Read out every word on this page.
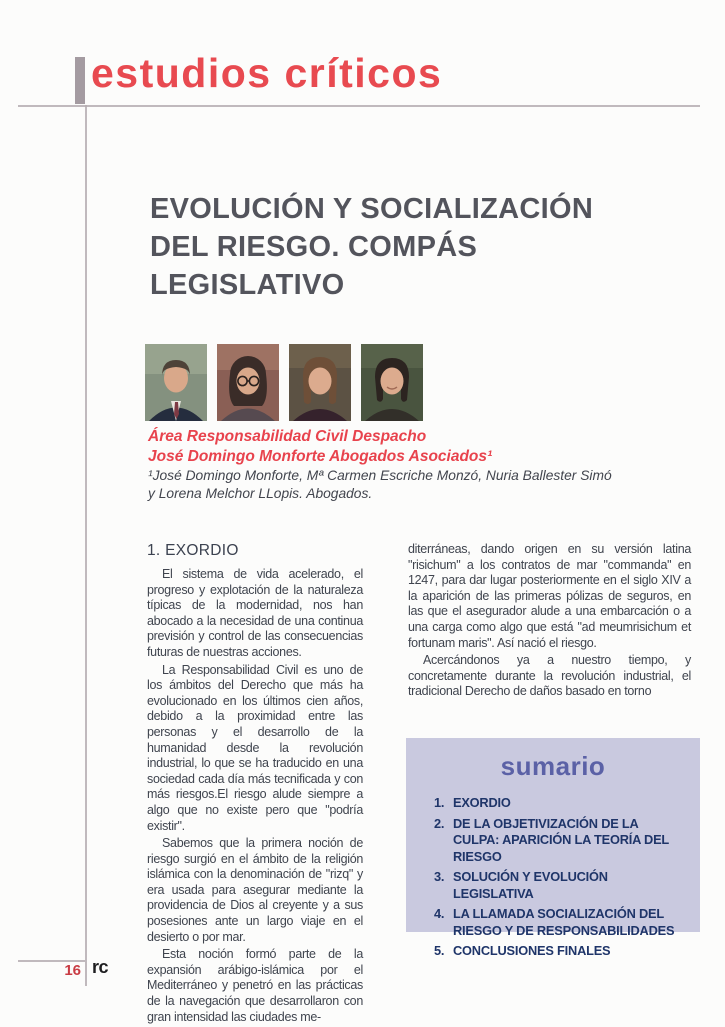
estudios críticos
EVOLUCIÓN Y SOCIALIZACIÓN
DEL RIESGO. COMPÁS
LEGISLATIVO
Área Responsabilidad Civil Despacho
José Domingo Monforte Abogados Asociados¹
¹José Domingo Monforte, Mª Carmen Escriche Monzó, Nuria Ballester Simó
y Lorena Melchor LLopis. Abogados.
1. EXORDIO

El sistema de vida acelerado, el progreso y explotación de la naturaleza típicas de la modernidad, nos han abocado a la necesidad de una continua previsión y control de las consecuencias futuras de nuestras acciones.

La Responsabilidad Civil es uno de los ámbitos del Derecho que más ha evolucionado en los últimos cien años, debido a la proximidad entre las personas y el desarrollo de la humanidad desde la revolución industrial, lo que se ha traducido en una sociedad cada día más tecnificada y con más riesgos.El riesgo alude siempre a algo que no existe pero que "podría existir".

Sabemos que la primera noción de riesgo surgió en el ámbito de la religión islámica con la denominación de "rizq" y era usada para asegurar mediante la providencia de Dios al creyente y a sus posesiones ante un largo viaje en el desierto o por mar.

Esta noción formó parte de la expansión arábigo-islámica por el Mediterráneo y penetró en las prácticas de la navegación que desarrollaron con gran intensidad las ciudades me-

diterráneas, dando origen en su versión latina "risichum" a los contratos de mar "commanda" en 1247, para dar lugar posteriormente en el siglo XIV a la aparición de las primeras pólizas de seguros, en las que el asegurador alude a una embarcación o a una carga como algo que está "ad meumrisichum et fortunam maris". Así nació el riesgo.

Acercándonos ya a nuestro tiempo, y concretamente durante la revolución industrial, el tradicional Derecho de daños basado en torno

sumario
1. EXORDIO
2. DE LA OBJETIVIZACIÓN DE LA CULPA: APARICIÓN LA TEORÍA DEL RIESGO
3. SOLUCIÓN Y EVOLUCIÓN LEGISLATIVA
4. LA LLAMADA SOCIALIZACIÓN DEL RIESGO Y DE RESPONSABILIDADES
5. CONCLUSIONES FINALES
16 rc
